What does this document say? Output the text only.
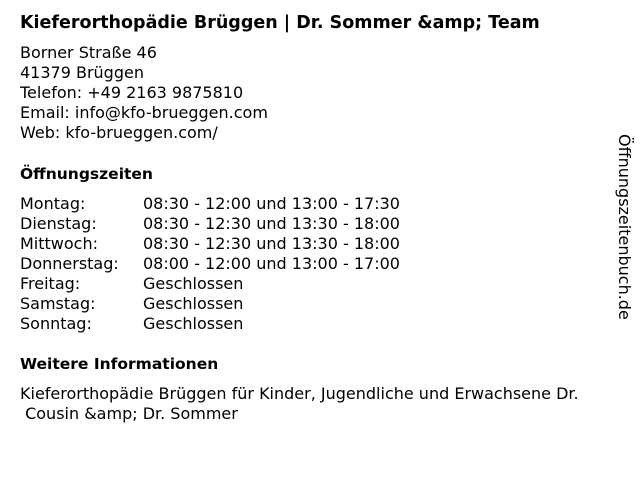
Kieferorthopädie Brüggen | Dr. Sommer &amp; Team
Borner Straße 46
41379 Brüggen
Telefon: +49 2163 9875810
Email: info@kfo-brueggen.com
Web: kfo-brueggen.com/
Öffnungszeiten
Montag:	08:30 - 12:00 und 13:00 - 17:30
Dienstag:	08:30 - 12:30 und 13:30 - 18:00
Mittwoch:	08:30 - 12:30 und 13:30 - 18:00
Donnerstag:	08:00 - 12:00 und 13:00 - 17:00
Freitag:	Geschlossen
Samstag:	Geschlossen
Sonntag:	Geschlossen
Weitere Informationen
Kieferorthopädie Brüggen für Kinder, Jugendliche und Erwachsene Dr.
Cousin &amp; Dr. Sommer
Öffnungszeitenbuch.de
